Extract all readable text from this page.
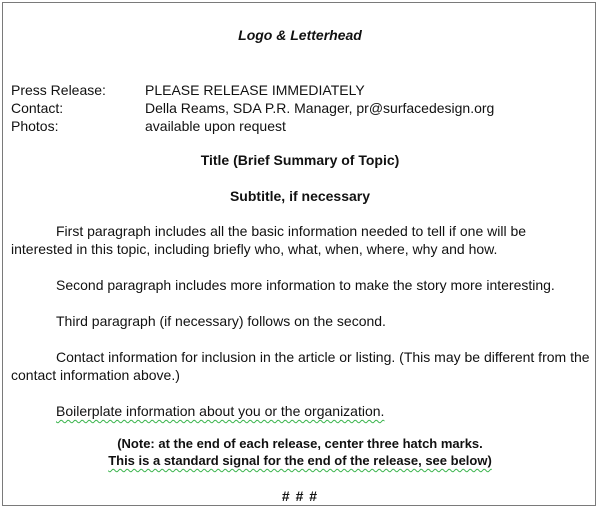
Logo & Letterhead
Press Release:	PLEASE RELEASE IMMEDIATELY
Contact:	Della Reams, SDA P.R. Manager, pr@surfacedesign.org
Photos:	available upon request
Title (Brief Summary of Topic)
Subtitle, if necessary
First paragraph includes all the basic information needed to tell if one will be interested in this topic, including briefly who, what, when, where, why and how.
Second paragraph includes more information to make the story more interesting.
Third paragraph (if necessary) follows on the second.
Contact information for inclusion in the article or listing. (This may be different from the contact information above.)
Boilerplate information about you or the organization.
(Note: at the end of each release, center three hatch marks.
This is a standard signal for the end of the release, see below)
# # #
